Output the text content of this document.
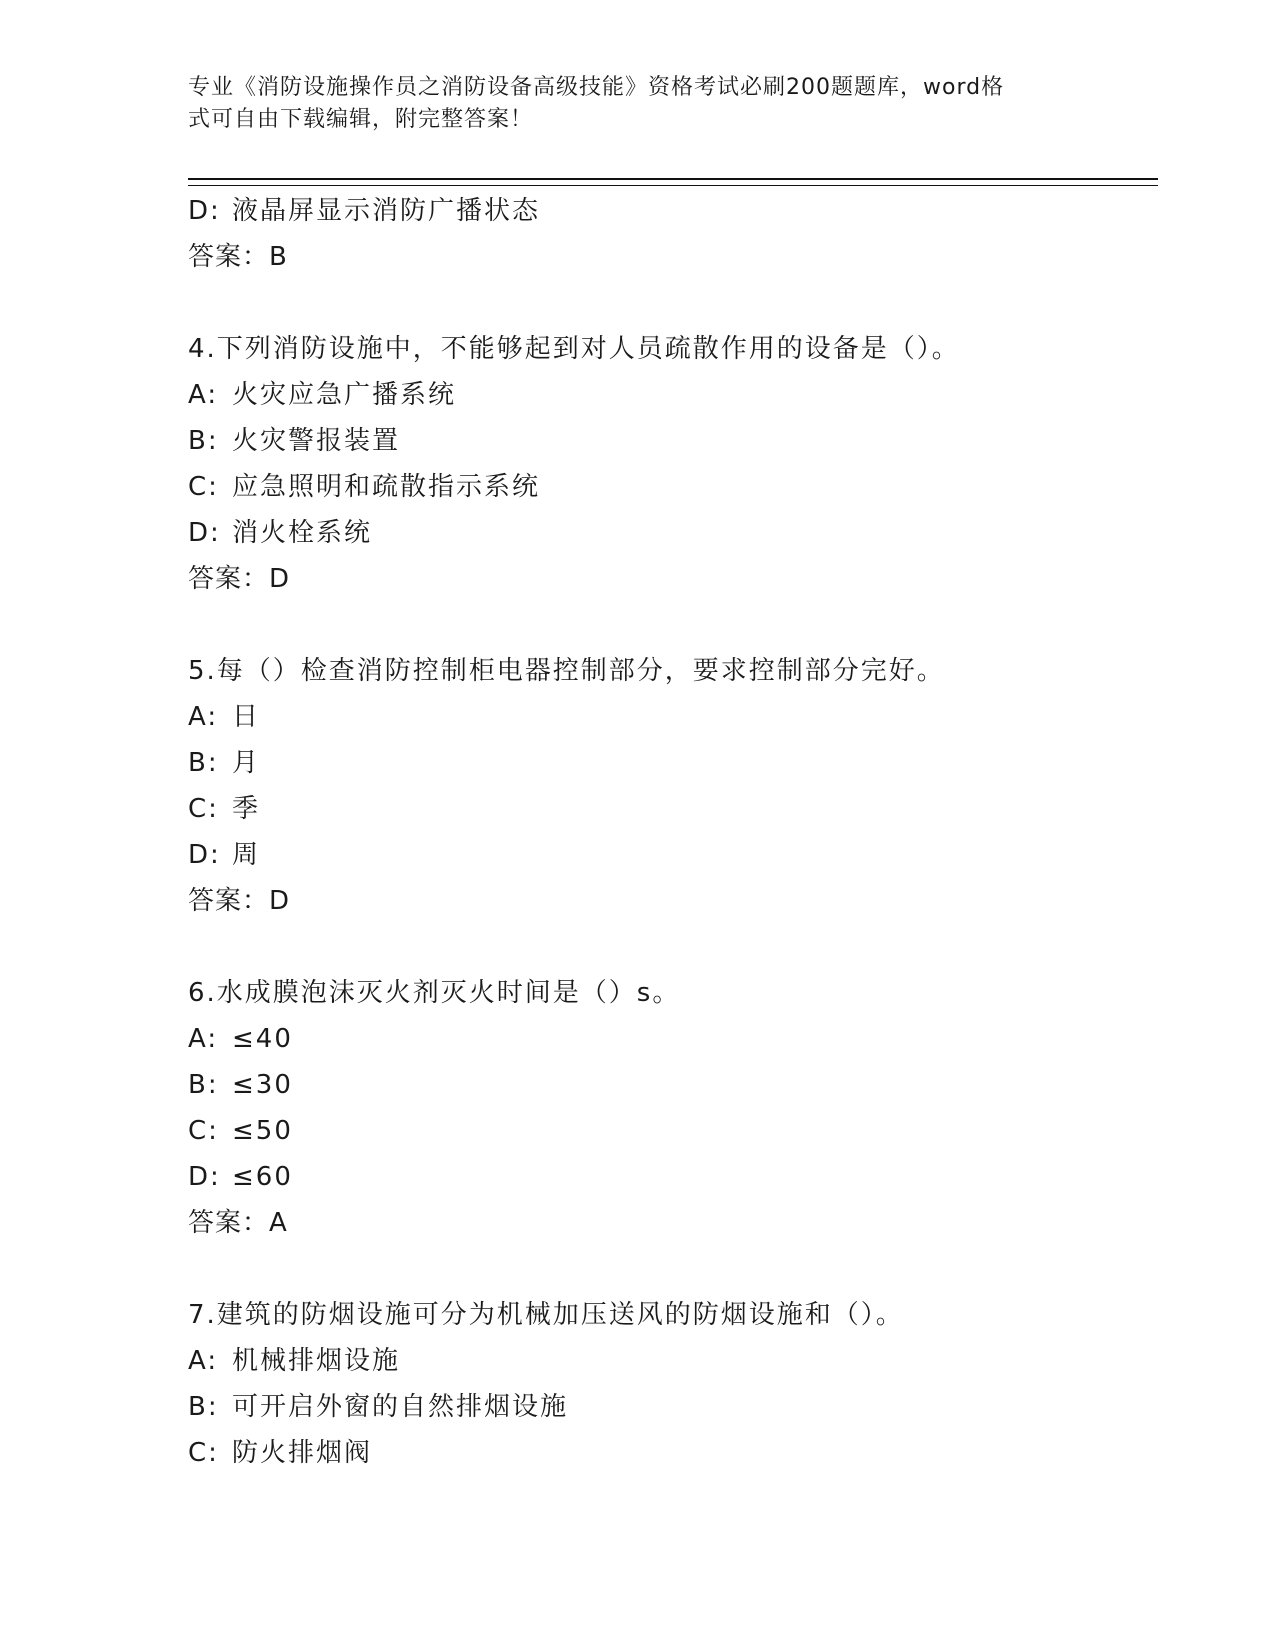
专业《消防设施操作员之消防设备高级技能》资格考试必刷200题题库，word格
式可自由下载编辑，附完整答案！
D: 液晶屏显示消防广播状态
答案：B
4.下列消防设施中，不能够起到对人员疏散作用的设备是（）。
A: 火灾应急广播系统
B: 火灾警报装置
C: 应急照明和疏散指示系统
D: 消火栓系统
答案：D
5.每（）检查消防控制柜电器控制部分，要求控制部分完好。
A: 日
B: 月
C: 季
D: 周
答案：D
6.水成膜泡沫灭火剂灭火时间是（）s。
A: ≤40
B: ≤30
C: ≤50
D: ≤60
答案：A
7.建筑的防烟设施可分为机械加压送风的防烟设施和（）。
A: 机械排烟设施
B: 可开启外窗的自然排烟设施
C: 防火排烟阀
